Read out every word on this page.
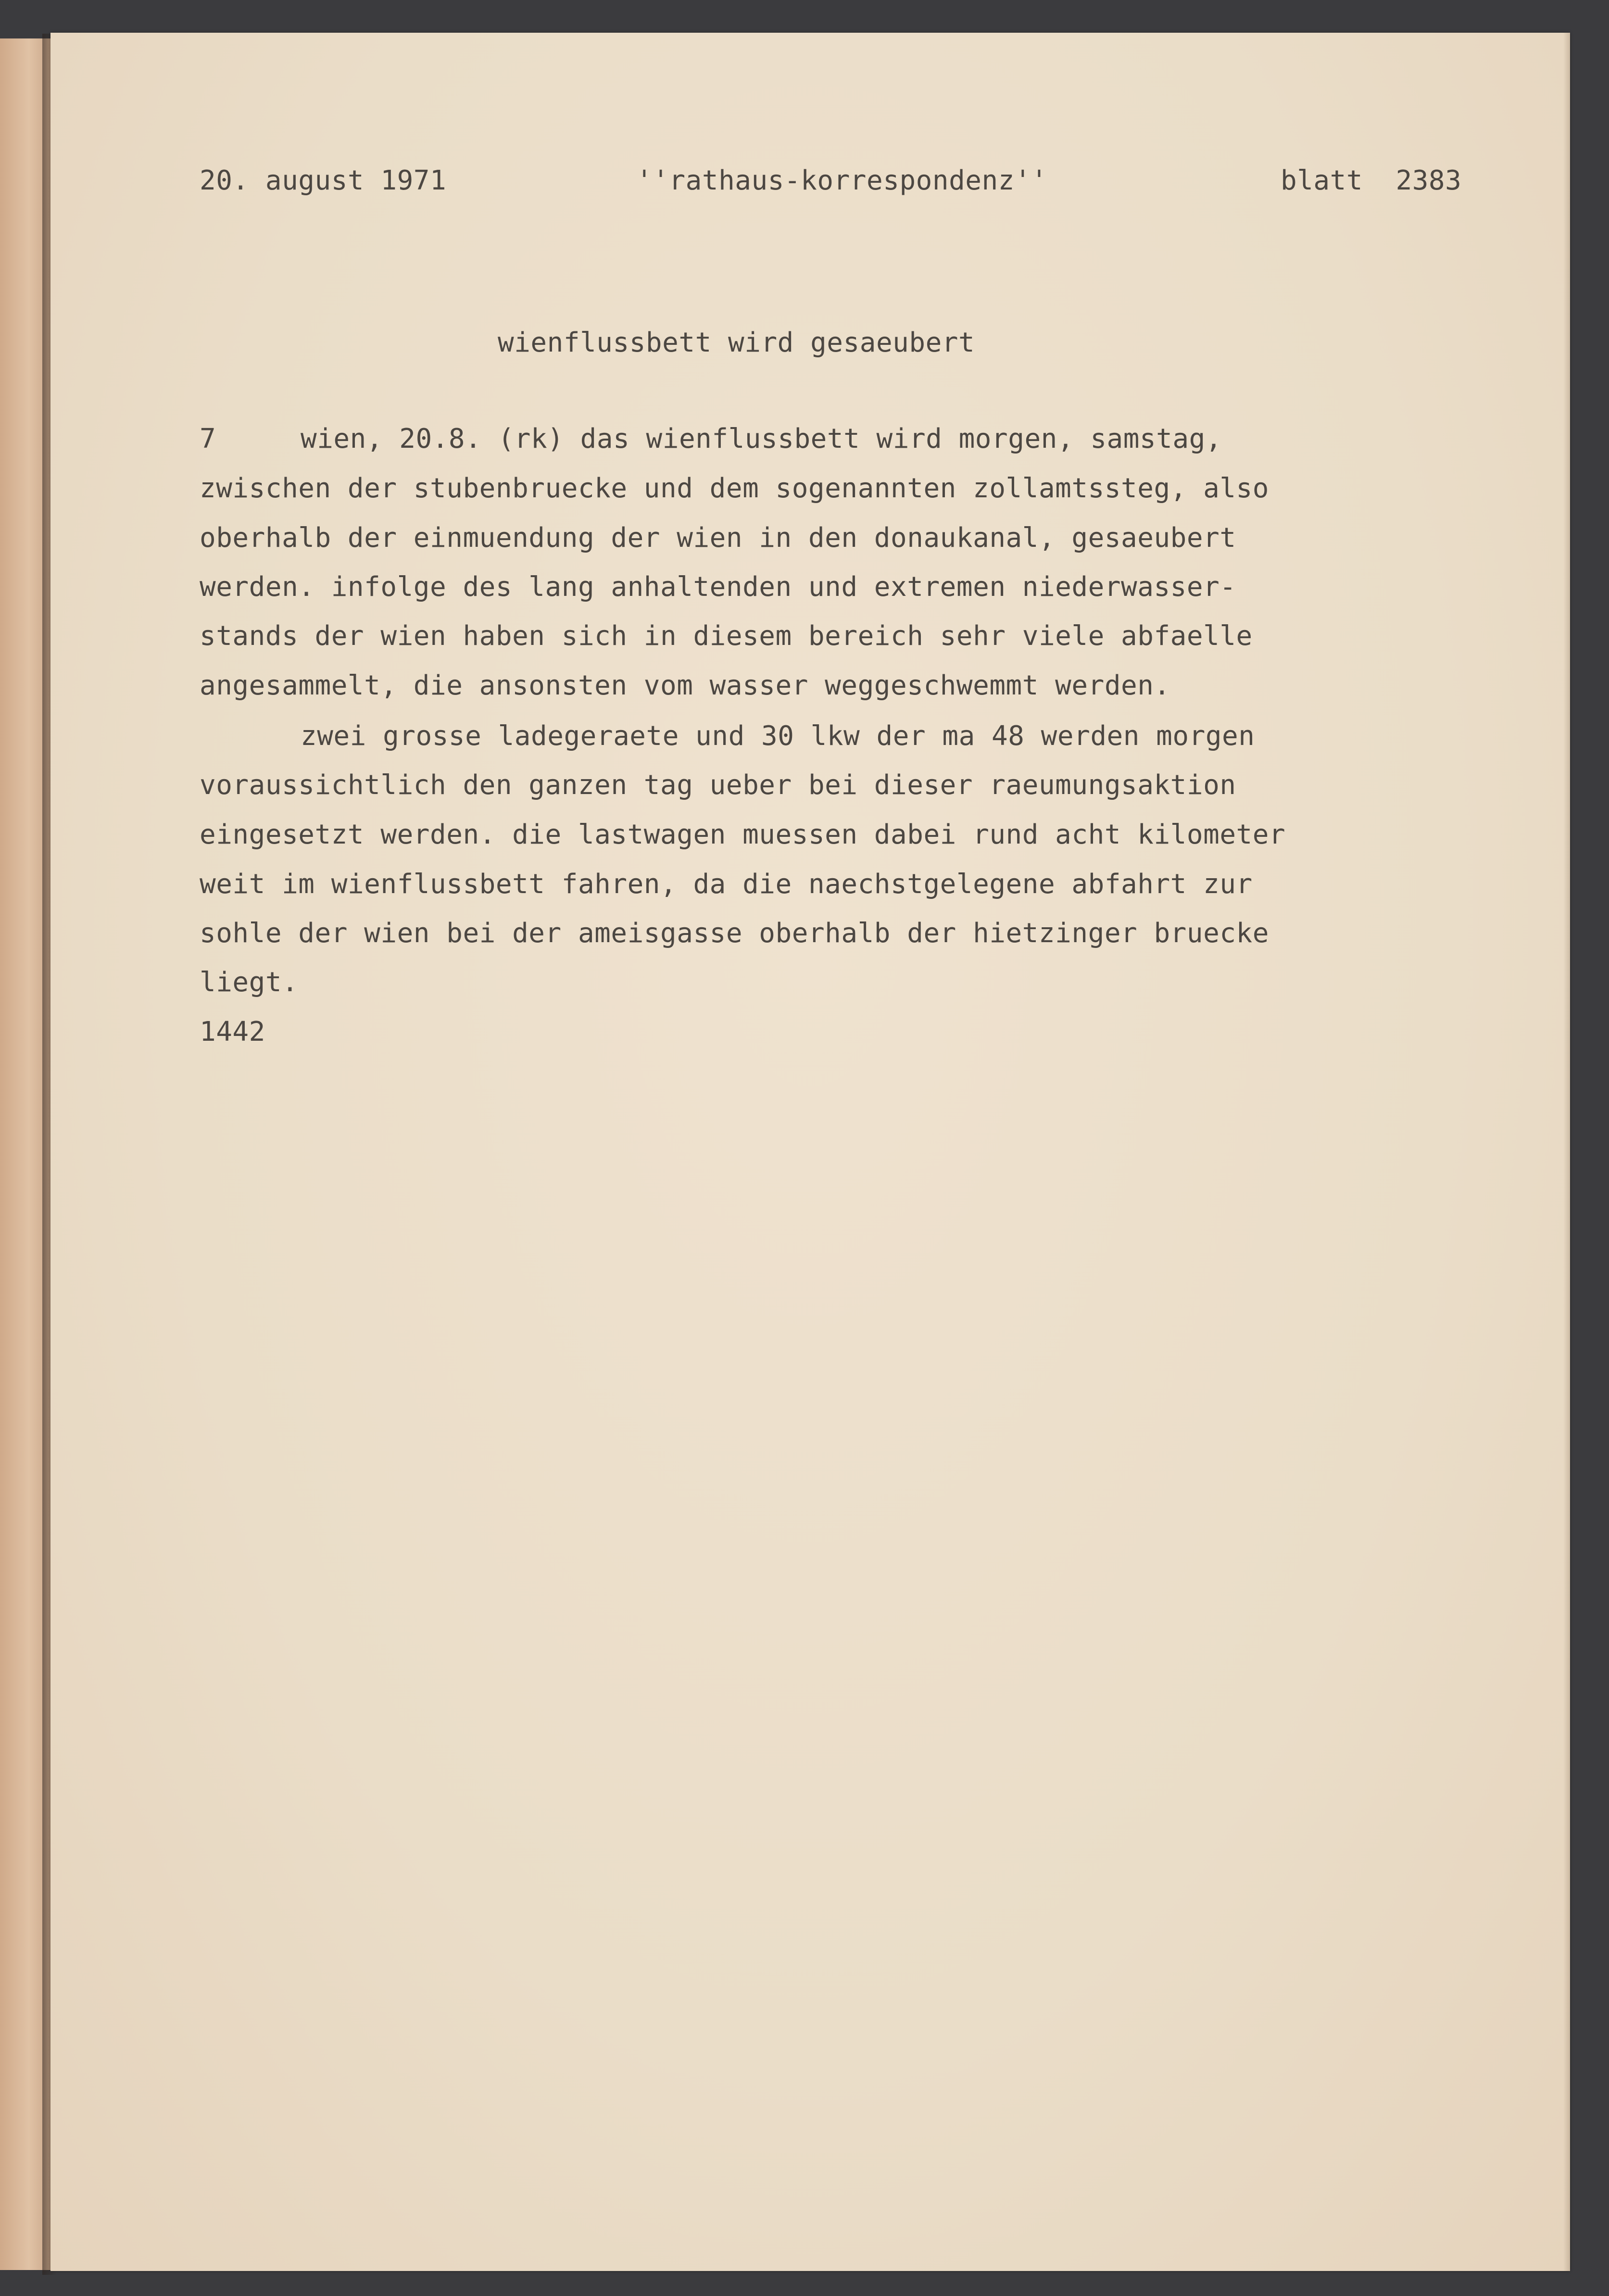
20. august 1971

	''rathaus-korrespondenz''

	blatt  2383

wienflussbett wird gesaeubert
7	wien, 20.8. (rk) das wienflussbett wird morgen, samstag,
zwischen der stubenbruecke und dem sogenannten zollamtssteg, also
oberhalb der einmuendung der wien in den donaukanal, gesaeubert
werden. infolge des lang anhaltenden und extremen niederwasser-
stands der wien haben sich in diesem bereich sehr viele abfaelle
angesammelt, die ansonsten vom wasser weggeschwemmt werden.
zwei grosse ladegeraete und 30 lkw der ma 48 werden morgen
voraussichtlich den ganzen tag ueber bei dieser raeumungsaktion
eingesetzt werden. die lastwagen muessen dabei rund acht kilometer
weit im wienflussbett fahren, da die naechstgelegene abfahrt zur
sohle der wien bei der ameisgasse oberhalb der hietzinger bruecke
liegt.
1442
